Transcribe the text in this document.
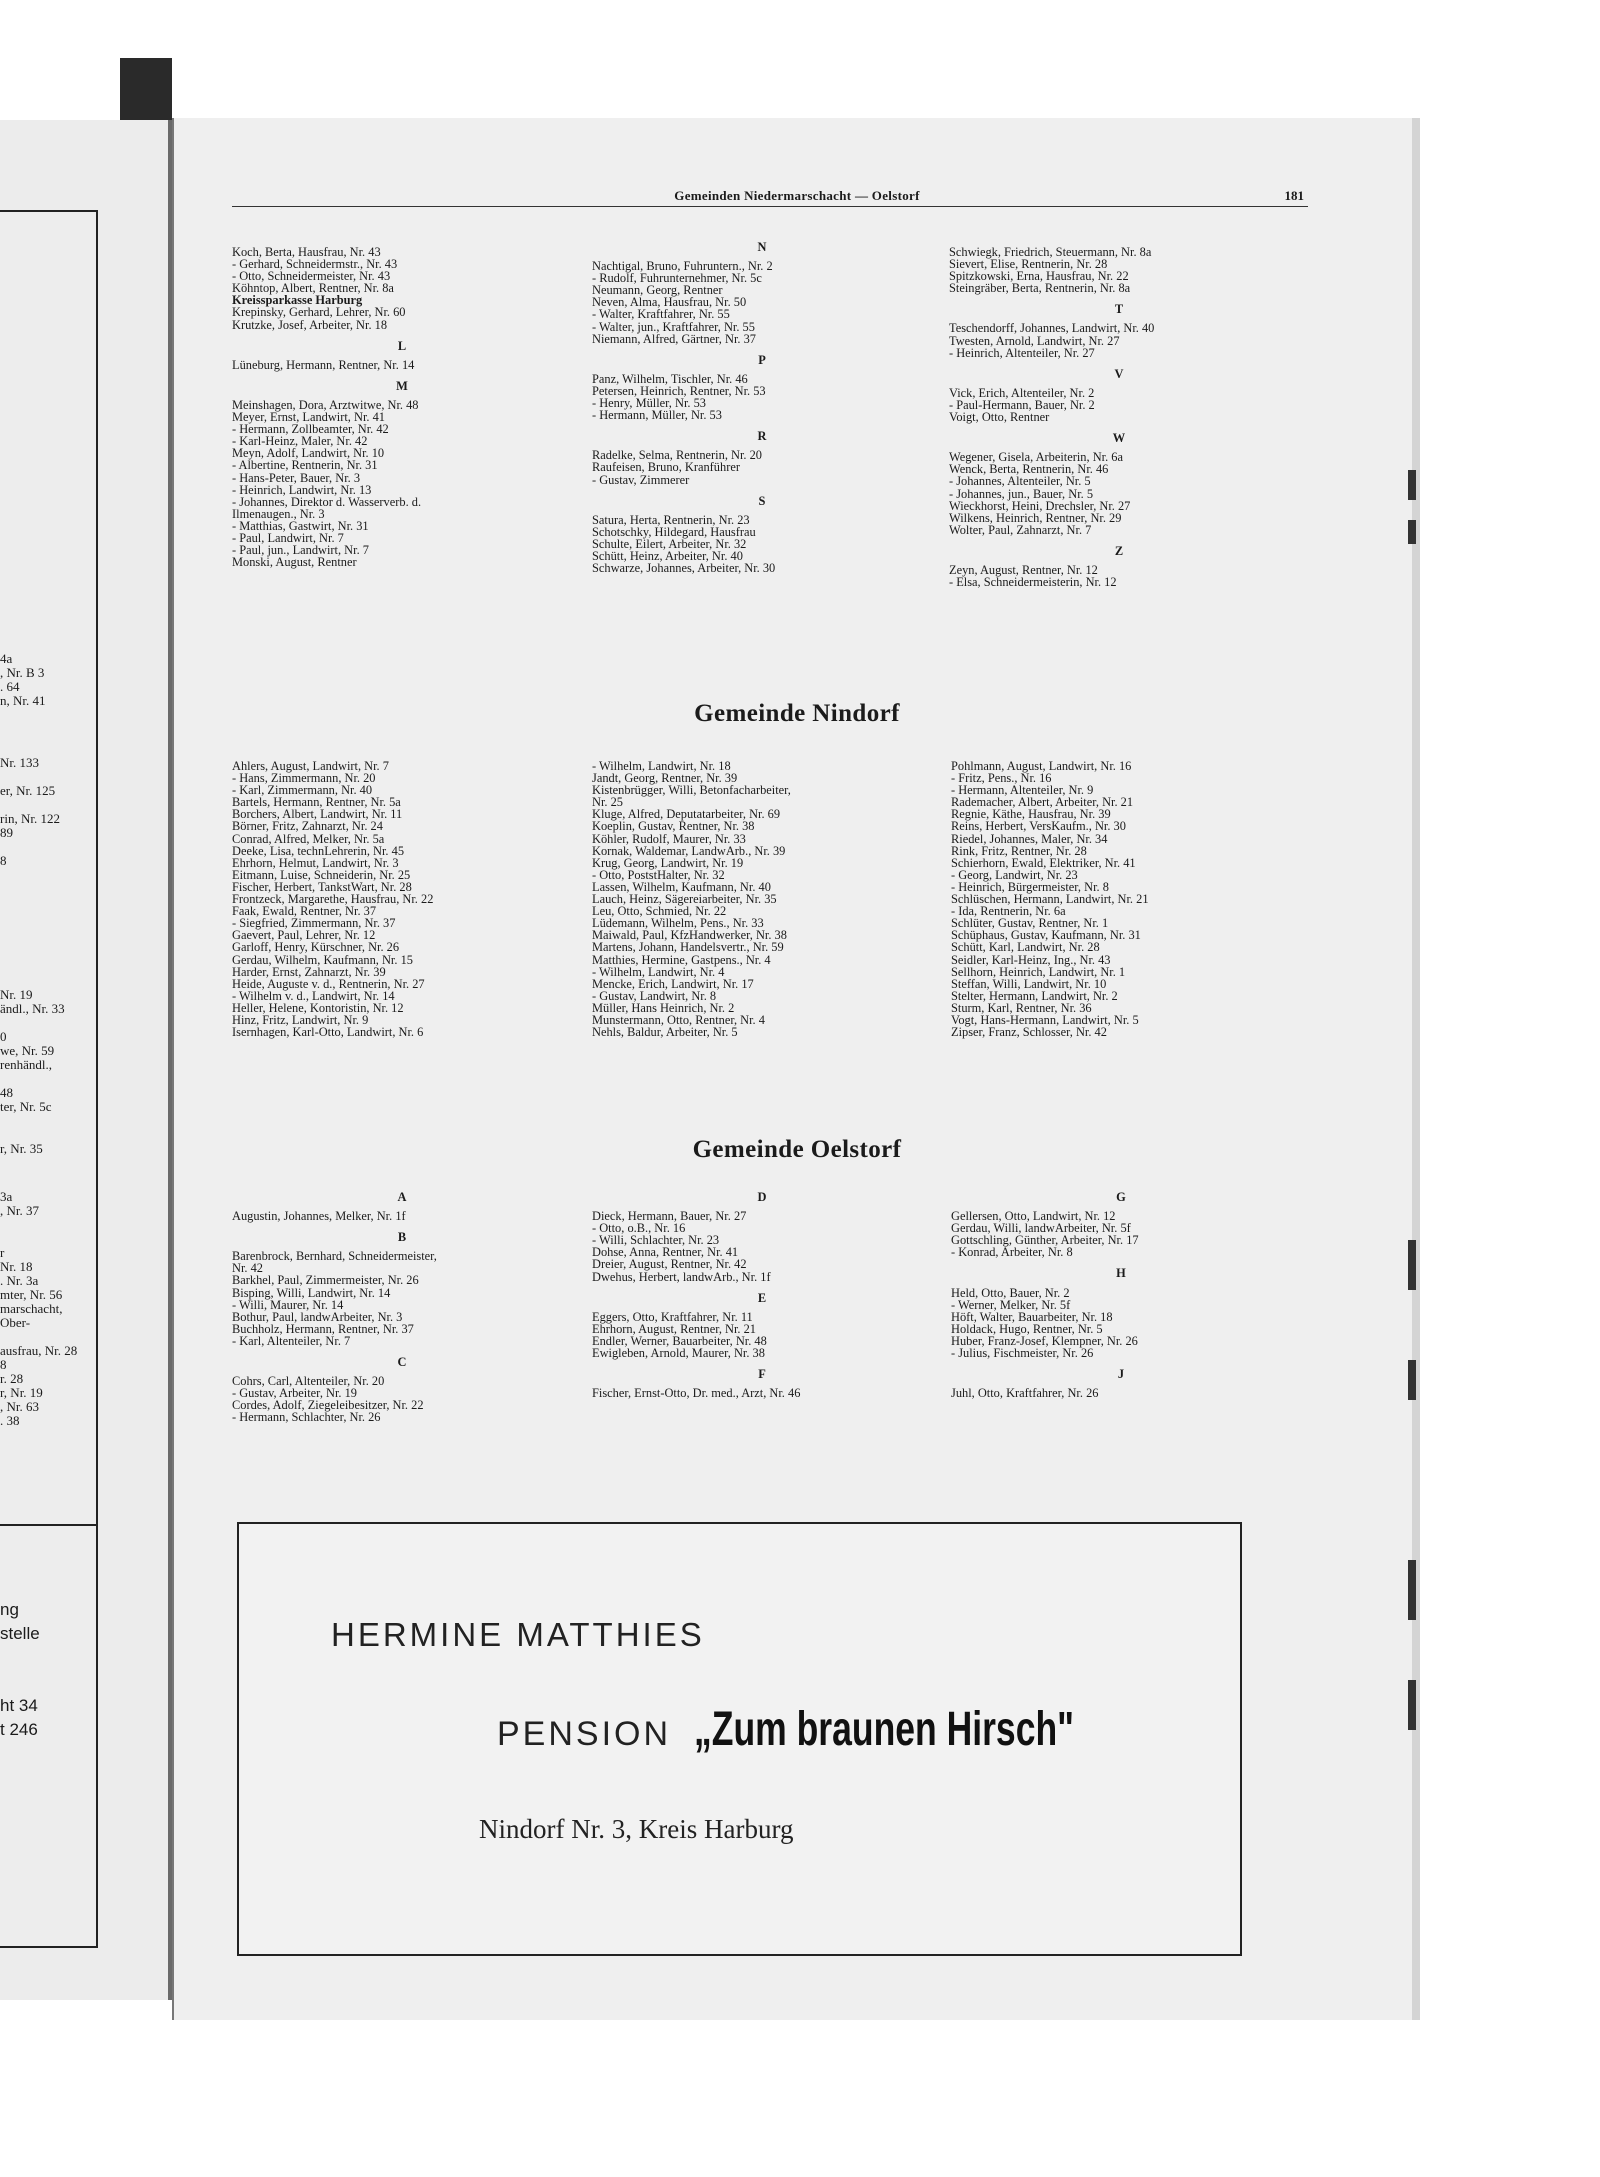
4a
, Nr. B 3
. 64
n, Nr. 41
Nr. 133

er, Nr. 125

rin, Nr. 122
89

8
Nr. 19
ändl., Nr. 33

0
we, Nr. 59
renhändl.,

48
ter, Nr. 5c

r, Nr. 35
3a
, Nr. 37

r
Nr. 18
. Nr. 3a
mter, Nr. 56
marschacht,
Ober-

ausfrau, Nr. 28
8
r. 28
r, Nr. 19
, Nr. 63
. 38
ng
stelle

ht 34
t 246
Gemeinden Niedermarschacht — Oelstorf	181
Koch, Berta, Hausfrau, Nr. 43
- Gerhard, Schneidermstr., Nr. 43
- Otto, Schneidermeister, Nr. 43
Köhntop, Albert, Rentner, Nr. 8a
Kreissparkasse Harburg
Krepinsky, Gerhard, Lehrer, Nr. 60
Krutzke, Josef, Arbeiter, Nr. 18
L
Lüneburg, Hermann, Rentner, Nr. 14
M
Meinshagen, Dora, Arztwitwe, Nr. 48
Meyer, Ernst, Landwirt, Nr. 41
- Hermann, Zollbeamter, Nr. 42
- Karl-Heinz, Maler, Nr. 42
Meyn, Adolf, Landwirt, Nr. 10
- Albertine, Rentnerin, Nr. 31
- Hans-Peter, Bauer, Nr. 3
- Heinrich, Landwirt, Nr. 13
- Johannes, Direktor d. Wasserverb. d.
Ilmenaugen., Nr. 3
- Matthias, Gastwirt, Nr. 31
- Paul, Landwirt, Nr. 7
- Paul, jun., Landwirt, Nr. 7
Monski, August, Rentner
N
Nachtigal, Bruno, Fuhruntern., Nr. 2
- Rudolf, Fuhrunternehmer, Nr. 5c
Neumann, Georg, Rentner
Neven, Alma, Hausfrau, Nr. 50
- Walter, Kraftfahrer, Nr. 55
- Walter, jun., Kraftfahrer, Nr. 55
Niemann, Alfred, Gärtner, Nr. 37
P
Panz, Wilhelm, Tischler, Nr. 46
Petersen, Heinrich, Rentner, Nr. 53
- Henry, Müller, Nr. 53
- Hermann, Müller, Nr. 53
R
Radelke, Selma, Rentnerin, Nr. 20
Raufeisen, Bruno, Kranführer
- Gustav, Zimmerer
S
Satura, Herta, Rentnerin, Nr. 23
Schotschky, Hildegard, Hausfrau
Schulte, Eilert, Arbeiter, Nr. 32
Schütt, Heinz, Arbeiter, Nr. 40
Schwarze, Johannes, Arbeiter, Nr. 30
Schwiegk, Friedrich, Steuermann, Nr. 8a
Sievert, Elise, Rentnerin, Nr. 28
Spitzkowski, Erna, Hausfrau, Nr. 22
Steingräber, Berta, Rentnerin, Nr. 8a
T
Teschendorff, Johannes, Landwirt, Nr. 40
Twesten, Arnold, Landwirt, Nr. 27
- Heinrich, Altenteiler, Nr. 27
V
Vick, Erich, Altenteiler, Nr. 2
- Paul-Hermann, Bauer, Nr. 2
Voigt, Otto, Rentner
W
Wegener, Gisela, Arbeiterin, Nr. 6a
Wenck, Berta, Rentnerin, Nr. 46
- Johannes, Altenteiler, Nr. 5
- Johannes, jun., Bauer, Nr. 5
Wieckhorst, Heini, Drechsler, Nr. 27
Wilkens, Heinrich, Rentner, Nr. 29
Wolter, Paul, Zahnarzt, Nr. 7
Z
Zeyn, August, Rentner, Nr. 12
- Elsa, Schneidermeisterin, Nr. 12
Gemeinde Nindorf
Ahlers, August, Landwirt, Nr. 7
- Hans, Zimmermann, Nr. 20
- Karl, Zimmermann, Nr. 40
Bartels, Hermann, Rentner, Nr. 5a
Borchers, Albert, Landwirt, Nr. 11
Börner, Fritz, Zahnarzt, Nr. 24
Conrad, Alfred, Melker, Nr. 5a
Deeke, Lisa, technLehrerin, Nr. 45
Ehrhorn, Helmut, Landwirt, Nr. 3
Eitmann, Luise, Schneiderin, Nr. 25
Fischer, Herbert, TankstWart, Nr. 28
Frontzeck, Margarethe, Hausfrau, Nr. 22
Faak, Ewald, Rentner, Nr. 37
- Siegfried, Zimmermann, Nr. 37
Gaevert, Paul, Lehrer, Nr. 12
Garloff, Henry, Kürschner, Nr. 26
Gerdau, Wilhelm, Kaufmann, Nr. 15
Harder, Ernst, Zahnarzt, Nr. 39
Heide, Auguste v. d., Rentnerin, Nr. 27
- Wilhelm v. d., Landwirt, Nr. 14
Heller, Helene, Kontoristin, Nr. 12
Hinz, Fritz, Landwirt, Nr. 9
Isernhagen, Karl-Otto, Landwirt, Nr. 6
- Wilhelm, Landwirt, Nr. 18
Jandt, Georg, Rentner, Nr. 39
Kistenbrügger, Willi, Betonfacharbeiter,
Nr. 25
Kluge, Alfred, Deputatarbeiter, Nr. 69
Koeplin, Gustav, Rentner, Nr. 38
Köhler, Rudolf, Maurer, Nr. 33
Kornak, Waldemar, LandwArb., Nr. 39
Krug, Georg, Landwirt, Nr. 19
- Otto, PoststHalter, Nr. 32
Lassen, Wilhelm, Kaufmann, Nr. 40
Lauch, Heinz, Sägereiarbeiter, Nr. 35
Leu, Otto, Schmied, Nr. 22
Lüdemann, Wilhelm, Pens., Nr. 33
Maiwald, Paul, KfzHandwerker, Nr. 38
Martens, Johann, Handelsvertr., Nr. 59
Matthies, Hermine, Gastpens., Nr. 4
- Wilhelm, Landwirt, Nr. 4
Mencke, Erich, Landwirt, Nr. 17
- Gustav, Landwirt, Nr. 8
Müller, Hans Heinrich, Nr. 2
Munstermann, Otto, Rentner, Nr. 4
Nehls, Baldur, Arbeiter, Nr. 5
Pohlmann, August, Landwirt, Nr. 16
- Fritz, Pens., Nr. 16
- Hermann, Altenteiler, Nr. 9
Rademacher, Albert, Arbeiter, Nr. 21
Regnie, Käthe, Hausfrau, Nr. 39
Reins, Herbert, VersKaufm., Nr. 30
Riedel, Johannes, Maler, Nr. 34
Rink, Fritz, Rentner, Nr. 28
Schierhorn, Ewald, Elektriker, Nr. 41
- Georg, Landwirt, Nr. 23
- Heinrich, Bürgermeister, Nr. 8
Schlüschen, Hermann, Landwirt, Nr. 21
- Ida, Rentnerin, Nr. 6a
Schlüter, Gustav, Rentner, Nr. 1
Schüphaus, Gustav, Kaufmann, Nr. 31
Schütt, Karl, Landwirt, Nr. 28
Seidler, Karl-Heinz, Ing., Nr. 43
Sellhorn, Heinrich, Landwirt, Nr. 1
Steffan, Willi, Landwirt, Nr. 10
Stelter, Hermann, Landwirt, Nr. 2
Sturm, Karl, Rentner, Nr. 36
Vogt, Hans-Hermann, Landwirt, Nr. 5
Zipser, Franz, Schlosser, Nr. 42
Gemeinde Oelstorf
A
Augustin, Johannes, Melker, Nr. 1f
B
Barenbrock, Bernhard, Schneidermeister,
Nr. 42
Barkhel, Paul, Zimmermeister, Nr. 26
Bisping, Willi, Landwirt, Nr. 14
- Willi, Maurer, Nr. 14
Bothur, Paul, landwArbeiter, Nr. 3
Buchholz, Hermann, Rentner, Nr. 37
- Karl, Altenteiler, Nr. 7
C
Cohrs, Carl, Altenteiler, Nr. 20
- Gustav, Arbeiter, Nr. 19
Cordes, Adolf, Ziegeleibesitzer, Nr. 22
- Hermann, Schlachter, Nr. 26
D
Dieck, Hermann, Bauer, Nr. 27
- Otto, o.B., Nr. 16
- Willi, Schlachter, Nr. 23
Dohse, Anna, Rentner, Nr. 41
Dreier, August, Rentner, Nr. 42
Dwehus, Herbert, landwArb., Nr. 1f
E
Eggers, Otto, Kraftfahrer, Nr. 11
Ehrhorn, August, Rentner, Nr. 21
Endler, Werner, Bauarbeiter, Nr. 48
Ewigleben, Arnold, Maurer, Nr. 38
F
Fischer, Ernst-Otto, Dr. med., Arzt, Nr. 46
G
Gellersen, Otto, Landwirt, Nr. 12
Gerdau, Willi, landwArbeiter, Nr. 5f
Gottschling, Günther, Arbeiter, Nr. 17
- Konrad, Arbeiter, Nr. 8
H
Held, Otto, Bauer, Nr. 2
- Werner, Melker, Nr. 5f
Höft, Walter, Bauarbeiter, Nr. 18
Holdack, Hugo, Rentner, Nr. 5
Huber, Franz-Josef, Klempner, Nr. 26
- Julius, Fischmeister, Nr. 26
J
Juhl, Otto, Kraftfahrer, Nr. 26
HERMINE MATTHIES
PENSION „Zum braunen Hirsch"
Nindorf Nr. 3, Kreis Harburg
